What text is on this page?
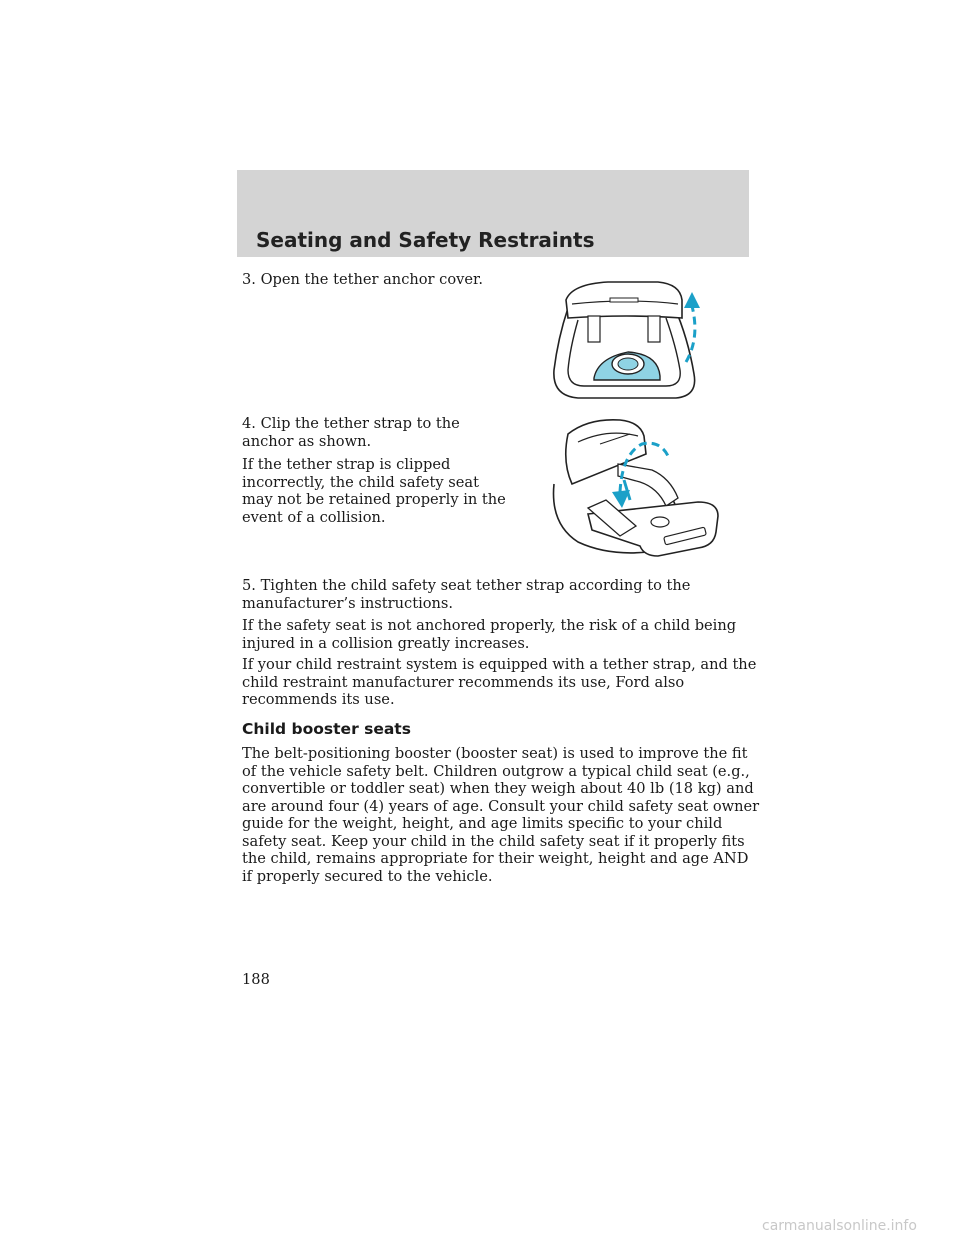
Seating and Safety Restraints

3. Open the tether anchor cover.

4. Clip the tether strap to the anchor as shown.

If the tether strap is clipped incorrectly, the child safety seat may not be retained properly in the event of a collision.

5. Tighten the child safety seat tether strap according to the manufacturer’s instructions.

If the safety seat is not anchored properly, the risk of a child being injured in a collision greatly increases.

If your child restraint system is equipped with a tether strap, and the child restraint manufacturer recommends its use, Ford also recommends its use.

Child booster seats

The belt-positioning booster (booster seat) is used to improve the fit of the vehicle safety belt. Children outgrow a typical child seat (e.g., convertible or toddler seat) when they weigh about 40 lb (18 kg) and are around four (4) years of age. Consult your child safety seat owner guide for the weight, height, and age limits specific to your child safety seat. Keep your child in the child safety seat if it properly fits the child, remains appropriate for their weight, height and age AND if properly secured to the vehicle.

188
carmanualsonline.info
